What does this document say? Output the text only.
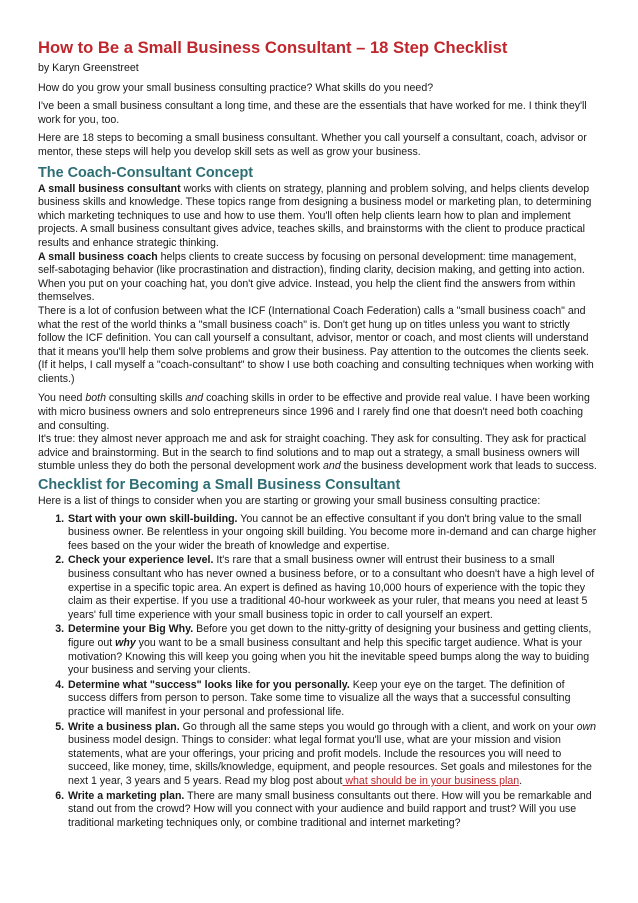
How to Be a Small Business Consultant – 18 Step Checklist
by Karyn Greenstreet

How do you grow your small business consulting practice? What skills do you need?

I've been a small business consultant a long time, and these are the essentials that have worked for me. I think they'll work for you, too.

Here are 18 steps to becoming a small business consultant. Whether you call yourself a consultant, coach, advisor or mentor, these steps will help you develop skill sets as well as grow your business.

The Coach-Consultant Concept

A small business consultant works with clients on strategy, planning and problem solving, and helps clients develop business skills and knowledge. These topics range from designing a business model or marketing plan, to determining which marketing techniques to use and how to use them. You'll often help clients learn how to plan and implement projects. A small business consultant gives advice, teaches skills, and brainstorms with the client to produce practical results and enhance strategic thinking.

A small business coach helps clients to create success by focusing on personal development: time management, self-sabotaging behavior (like procrastination and distraction), finding clarity, decision making, and getting into action. When you put on your coaching hat, you don't give advice. Instead, you help the client find the answers from within themselves.

There is a lot of confusion between what the ICF (International Coach Federation) calls a "small business coach" and what the rest of the world thinks a "small business coach" is. Don't get hung up on titles unless you want to strictly follow the ICF definition. You can call yourself a consultant, advisor, mentor or coach, and most clients will understand that it means you'll help them solve problems and grow their business. Pay attention to the outcomes the clients seek. (If it helps, I call myself a "coach-consultant" to show I use both coaching and consulting techniques when working with clients.)

You need both consulting skills and coaching skills in order to be effective and provide real value. I have been working with micro business owners and solo entrepreneurs since 1996 and I rarely find one that doesn't need both coaching and consulting.

It's true: they almost never approach me and ask for straight coaching. They ask for consulting. They ask for practical advice and brainstorming. But in the search to find solutions and to map out a strategy, a small business owners will stumble unless they do both the personal development work and the business development work that leads to success.

Checklist for Becoming a Small Business Consultant
Here is a list of things to consider when you are starting or growing your small business consulting practice:
1. Start with your own skill-building. You cannot be an effective consultant if you don't bring value to the small business owner. Be relentless in your ongoing skill building. You become more in-demand and can charge higher fees based on the your wider the breath of knowledge and expertise.
2. Check your experience level. It's rare that a small business owner will entrust their business to a small business consultant who has never owned a business before, or to a consultant who doesn't have a high level of expertise in a specific topic area. An expert is defined as having 10,000 hours of experience with the topic they claim as their expertise. If you use a traditional 40-hour workweek as your ruler, that means you need at least 5 years' full time experience with your small business topic in order to call yourself an expert.
3. Determine your Big Why. Before you get down to the nitty-gritty of designing your business and getting clients, figure out why you want to be a small business consultant and help this specific target audience. What is your motivation? Knowing this will keep you going when you hit the inevitable speed bumps along the way to buiding your business and serving your clients.
4. Determine what "success" looks like for you personally. Keep your eye on the target. The definition of success differs from person to person. Take some time to visualize all the ways that a successful consulting practice will manifest in your personal and professional life.
5. Write a business plan. Go through all the same steps you would go through with a client, and work on your own business model design. Things to consider: what legal format you'll use, what are your mission and vision statements, what are your offerings, your pricing and profit models. Include the resources you will need to succeed, like money, time, skills/knowledge, equipment, and people resources. Set goals and milestones for the next 1 year, 3 years and 5 years. Read my blog post about what should be in your business plan.
6. Write a marketing plan. There are many small business consultants out there. How will you be remarkable and stand out from the crowd? How will you connect with your audience and build rapport and trust? Will you use traditional marketing techniques only, or combine traditional and internet marketing?
